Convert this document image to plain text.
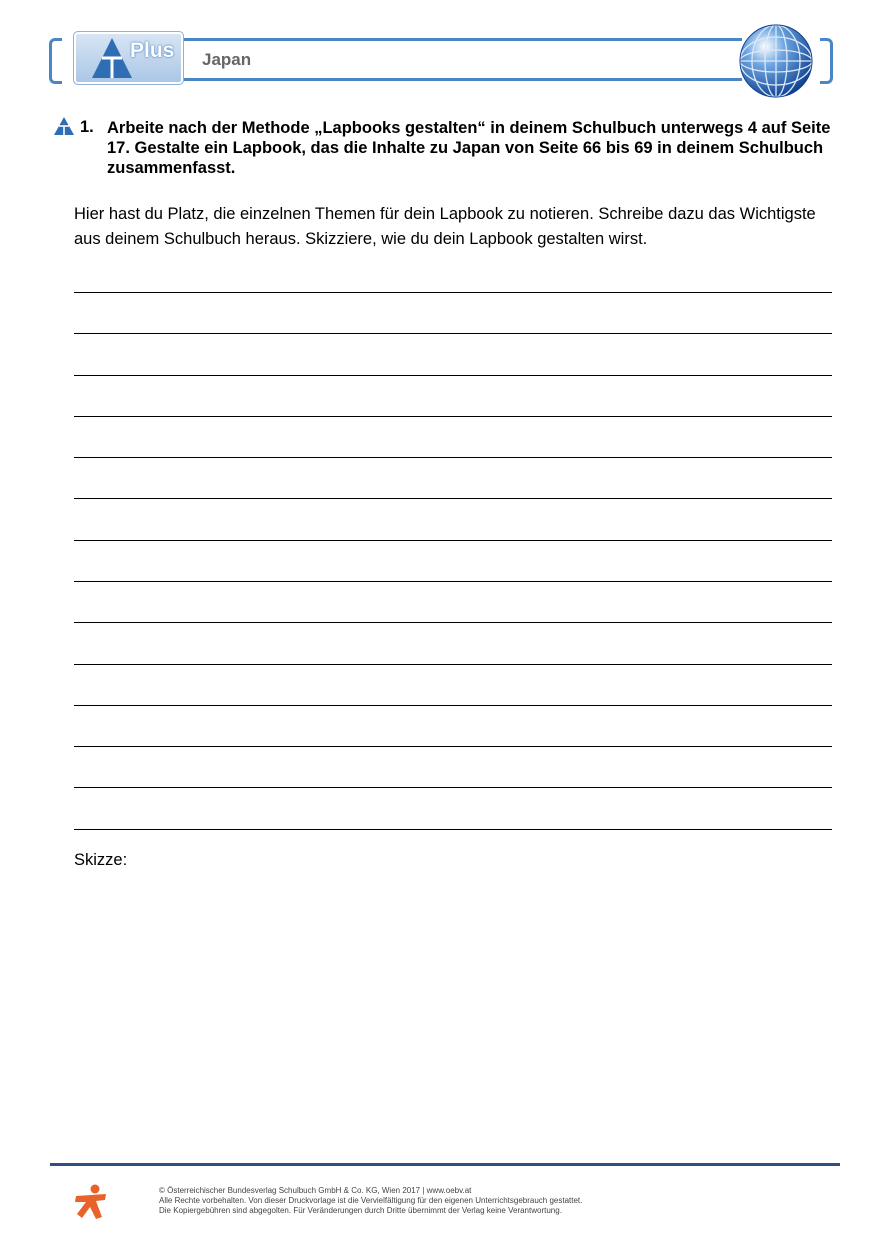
Plus Japan
1. Arbeite nach der Methode „Lapbooks gestalten“ in deinem Schulbuch unterwegs 4 auf Seite 17. Gestalte ein Lapbook, das die Inhalte zu Japan von Seite 66 bis 69 in deinem Schulbuch zusammenfasst.

Hier hast du Platz, die einzelnen Themen für dein Lapbook zu notieren. Schreibe dazu das Wichtigste aus deinem Schulbuch heraus. Skizziere, wie du dein Lapbook gestalten wirst.

Skizze:
© Österreichischer Bundesverlag Schulbuch GmbH & Co. KG, Wien 2017 | www.oebv.at
Alle Rechte vorbehalten. Von dieser Druckvorlage ist die Vervielfältigung für den eigenen Unterrichtsgebrauch gestattet.
Die Kopiergebühren sind abgegolten. Für Veränderungen durch Dritte übernimmt der Verlag keine Verantwortung.
